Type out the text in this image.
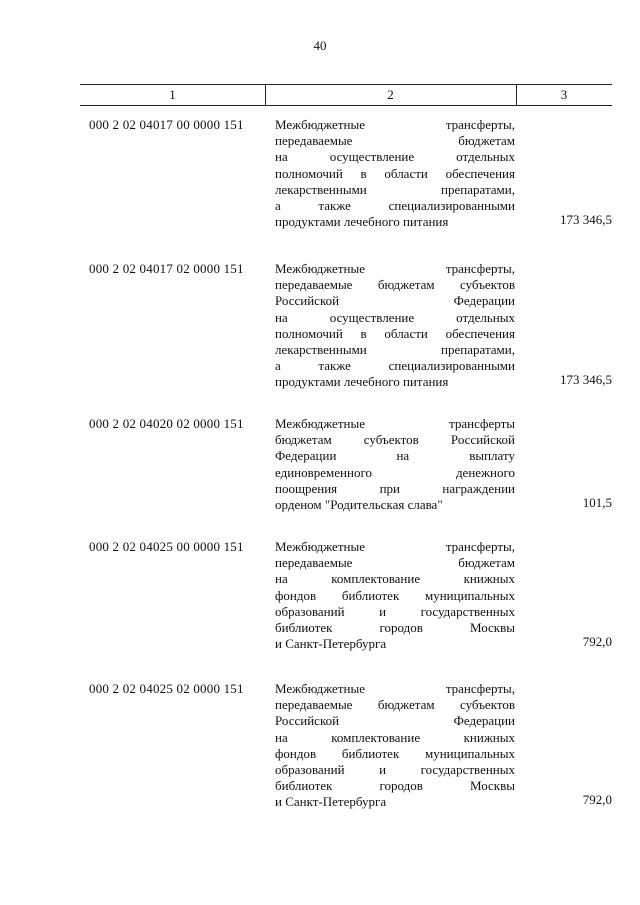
40
1	2	3
000 2 02 04017 00 0000 151 Межбюджетные трансферты,
передаваемые бюджетам
на осуществление отдельных
полномочий в области обеспечения
лекарственными препаратами,
а также специализированными
продуктами лечебного питания	173 346,5
000 2 02 04017 02 0000 151 Межбюджетные трансферты,
передаваемые бюджетам субъектов
Российской Федерации
на осуществление отдельных
полномочий в области обеспечения
лекарственными препаратами,
а также специализированными
продуктами лечебного питания	173 346,5
000 2 02 04020 02 0000 151 Межбюджетные трансферты
бюджетам субъектов Российской
Федерации на выплату
единовременного денежного
поощрения при награждении
орденом "Родительская слава"	101,5
000 2 02 04025 00 0000 151 Межбюджетные трансферты,
передаваемые бюджетам
на комплектование книжных
фондов библиотек муниципальных
образований и государственных
библиотек городов Москвы
и Санкт-Петербурга	792,0
000 2 02 04025 02 0000 151 Межбюджетные трансферты,
передаваемые бюджетам субъектов
Российской Федерации
на комплектование книжных
фондов библиотек муниципальных
образований и государственных
библиотек городов Москвы
и Санкт-Петербурга	792,0
